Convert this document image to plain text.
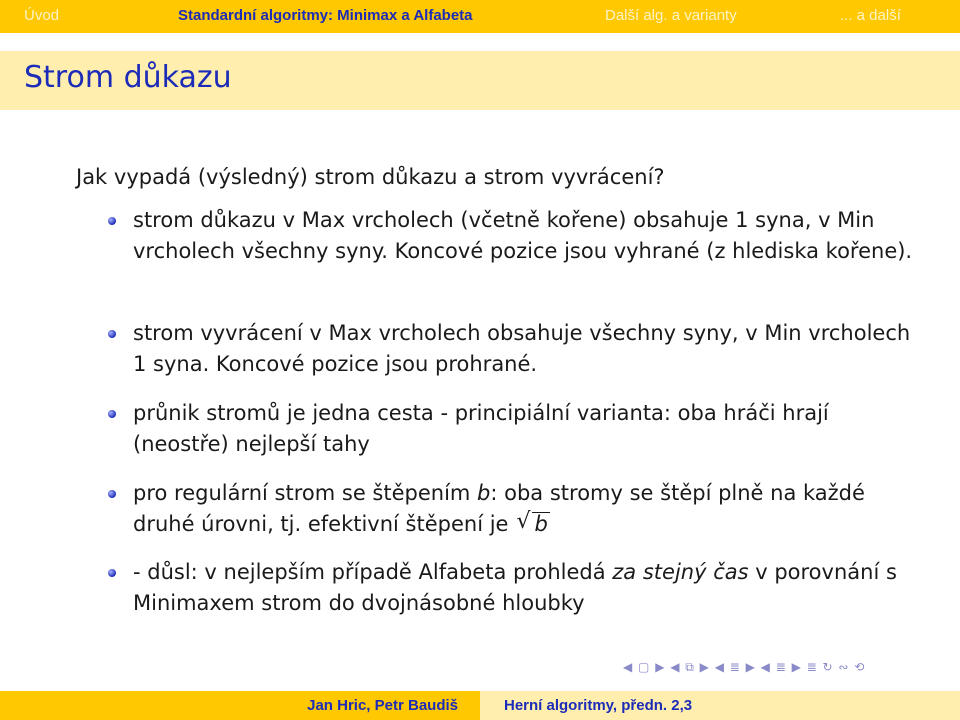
Úvod	Standardní algoritmy: Minimax a Alfabeta	Další alg. a varianty	... a další
Strom důkazu
Jak vypadá (výsledný) strom důkazu a strom vyvrácení?
strom důkazu v Max vrcholech (včetně kořene) obsahuje 1 syna, v Min vrcholech všechny syny. Koncové pozice jsou vyhrané (z hlediska kořene).
strom vyvrácení v Max vrcholech obsahuje všechny syny, v Min vrcholech 1 syna. Koncové pozice jsou prohrané.
průnik stromů je jedna cesta - principiální varianta: oba hráči hrají (neostře) nejlepší tahy
pro regulární strom se štěpením b: oba stromy se štěpí plně na každé druhé úrovni, tj. efektivní štěpení je √ b
- důsl: v nejlepším případě Alfabeta prohledá za stejný čas v porovnání s Minimaxem strom do dvojnásobné hloubky
◀ ▢ ▶ ◀ ⧉ ▶ ◀ ≣ ▶ ◀ ≣ ▶ ≣ ↻ ∾ ⟲
Jan Hric, Petr Baudiš	Herní algoritmy, předn. 2,3
